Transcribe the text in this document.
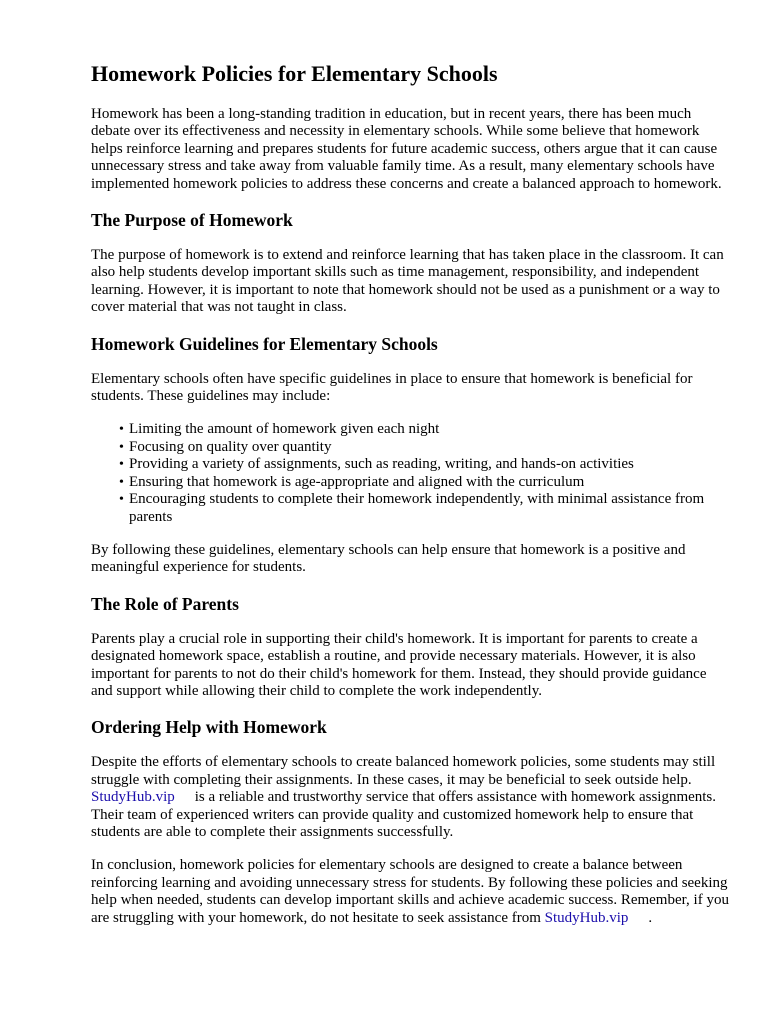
Homework Policies for Elementary Schools

Homework has been a long-standing tradition in education, but in recent years, there has been much debate over its effectiveness and necessity in elementary schools. While some believe that homework helps reinforce learning and prepares students for future academic success, others argue that it can cause unnecessary stress and take away from valuable family time. As a result, many elementary schools have implemented homework policies to address these concerns and create a balanced approach to homework.

The Purpose of Homework

The purpose of homework is to extend and reinforce learning that has taken place in the classroom. It can also help students develop important skills such as time management, responsibility, and independent learning. However, it is important to note that homework should not be used as a punishment or a way to cover material that was not taught in class.

Homework Guidelines for Elementary Schools

Elementary schools often have specific guidelines in place to ensure that homework is beneficial for students. These guidelines may include:

• Limiting the amount of homework given each night
• Focusing on quality over quantity
• Providing a variety of assignments, such as reading, writing, and hands-on activities
• Ensuring that homework is age-appropriate and aligned with the curriculum
• Encouraging students to complete their homework independently, with minimal assistance from parents

By following these guidelines, elementary schools can help ensure that homework is a positive and meaningful experience for students.

The Role of Parents

Parents play a crucial role in supporting their child's homework. It is important for parents to create a designated homework space, establish a routine, and provide necessary materials. However, it is also important for parents to not do their child's homework for them. Instead, they should provide guidance and support while allowing their child to complete the work independently.

Ordering Help with Homework

Despite the efforts of elementary schools to create balanced homework policies, some students may still struggle with completing their assignments. In these cases, it may be beneficial to seek outside help.StudyHub.vip is a reliable and trustworthy service that offers assistance with homework assignments. Their team of experienced writers can provide quality and customized homework help to ensure that students are able to complete their assignments successfully.

In conclusion, homework policies for elementary schools are designed to create a balance between reinforcing learning and avoiding unnecessary stress for students. By following these policies and seeking help when needed, students can develop important skills and achieve academic success. Remember, if you are struggling with your homework, do not hesitate to seek assistance from StudyHub.vip .
